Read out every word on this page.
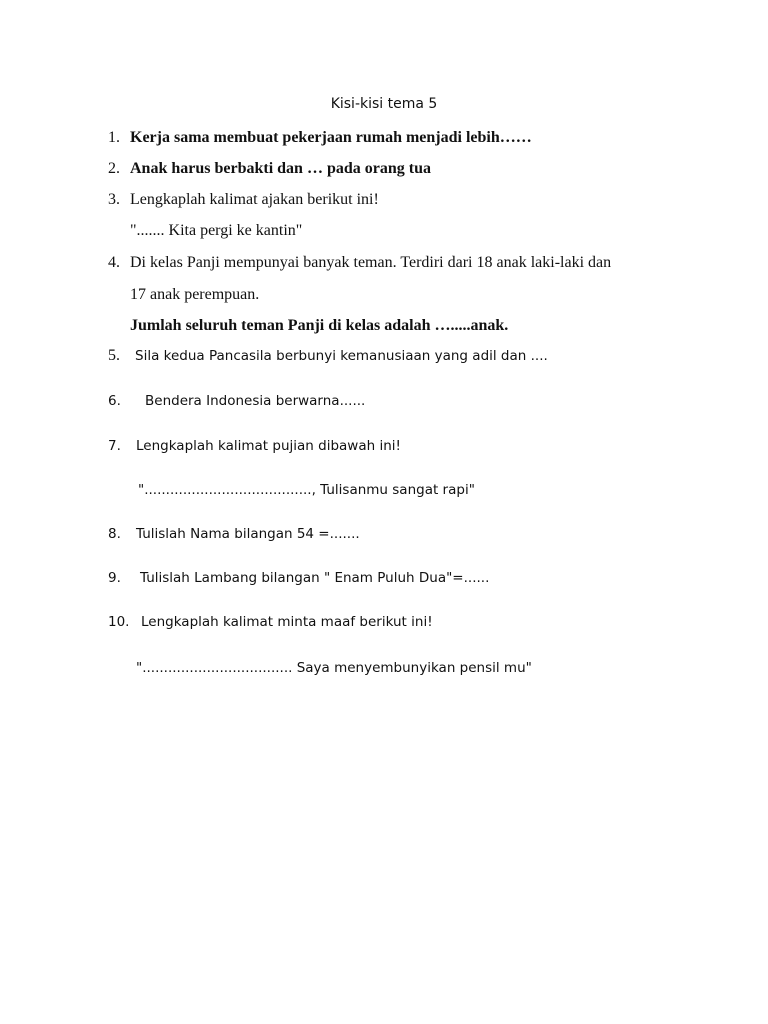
Kisi-kisi tema 5
1. Kerja sama membuat pekerjaan rumah menjadi lebih……
2. Anak harus berbakti dan … pada orang tua
3. Lengkaplah kalimat ajakan berikut ini!
"....... Kita pergi ke kantin"
4. Di kelas Panji mempunyai banyak teman. Terdiri dari 18 anak laki-laki dan
17 anak perempuan.
Jumlah seluruh teman Panji di kelas adalah ….....anak.
5. Sila kedua Pancasila berbunyi kemanusiaan yang adil dan ....
6. Bendera Indonesia berwarna......
7. Lengkaplah kalimat pujian dibawah ini!
"......................................., Tulisanmu sangat rapi"
8. Tulislah Nama bilangan 54 =.......
9. Tulislah Lambang bilangan " Enam Puluh Dua"=......
10. Lengkaplah kalimat minta maaf berikut ini!
"................................... Saya menyembunyikan pensil mu"
